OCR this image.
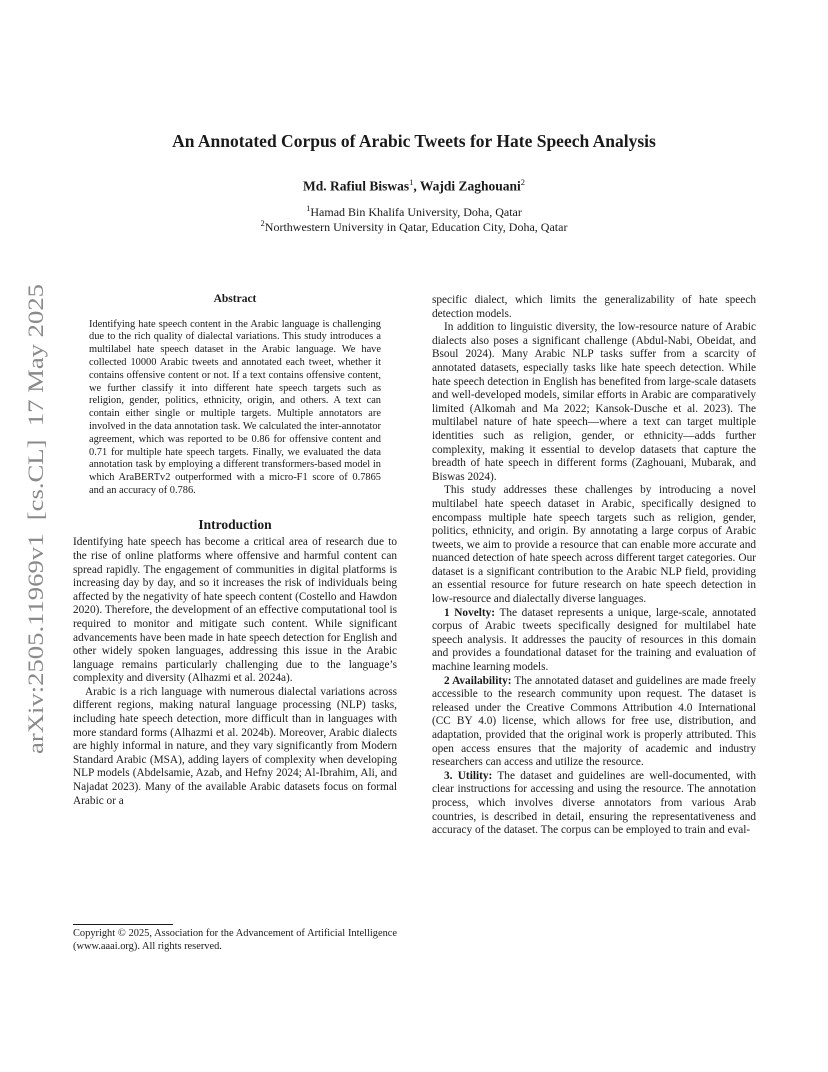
arXiv:2505.11969v1  [cs.CL]  17 May 2025
An Annotated Corpus of Arabic Tweets for Hate Speech Analysis
Md. Rafiul Biswas$^1$, Wajdi Zaghouani$^2$
$^1$Hamad Bin Khalifa University, Doha, Qatar
$^2$Northwestern University in Qatar, Education City, Doha, Qatar
Abstract

Identifying hate speech content in the Arabic language is challenging due to the rich quality of dialectal variations. This study introduces a multilabel hate speech dataset in the Arabic language. We have collected 10000 Arabic tweets and annotated each tweet, whether it contains offensive content or not. If a text contains offensive content, we further classify it into different hate speech targets such as religion, gender, politics, ethnicity, origin, and others. A text can contain either single or multiple targets. Multiple annotators are involved in the data annotation task. We calculated the inter-annotator agreement, which was reported to be 0.86 for offensive content and 0.71 for multiple hate speech targets. Finally, we evaluated the data annotation task by employing a different transformers-based model in which AraBERTv2 outperformed with a micro-F1 score of 0.7865 and an accuracy of 0.786.

Introduction

Identifying hate speech has become a critical area of research due to the rise of online platforms where offensive and harmful content can spread rapidly. The engagement of communities in digital platforms is increasing day by day, and so it increases the risk of individuals being affected by the negativity of hate speech content (Costello and Hawdon 2020). Therefore, the development of an effective computational tool is required to monitor and mitigate such content. While significant advancements have been made in hate speech detection for English and other widely spoken languages, addressing this issue in the Arabic language remains particularly challenging due to the language’s complexity and diversity (Alhazmi et al. 2024a).

Arabic is a rich language with numerous dialectal variations across different regions, making natural language processing (NLP) tasks, including hate speech detection, more difficult than in languages with more standard forms (Alhazmi et al. 2024b). Moreover, Arabic dialects are highly informal in nature, and they vary significantly from Modern Standard Arabic (MSA), adding layers of complexity when developing NLP models (Abdelsamie, Azab, and Hefny 2024; Al-Ibrahim, Ali, and Najadat 2023). Many of the available Arabic datasets focus on formal Arabic or a

Copyright © 2025, Association for the Advancement of Artificial Intelligence (www.aaai.org). All rights reserved.

specific dialect, which limits the generalizability of hate speech detection models.

In addition to linguistic diversity, the low-resource nature of Arabic dialects also poses a significant challenge (Abdul-Nabi, Obeidat, and Bsoul 2024). Many Arabic NLP tasks suffer from a scarcity of annotated datasets, especially tasks like hate speech detection. While hate speech detection in English has benefited from large-scale datasets and well-developed models, similar efforts in Arabic are comparatively limited (Alkomah and Ma 2022; Kansok-Dusche et al. 2023). The multilabel nature of hate speech—where a text can target multiple identities such as religion, gender, or ethnicity—adds further complexity, making it essential to develop datasets that capture the breadth of hate speech in different forms (Zaghouani, Mubarak, and Biswas 2024).

This study addresses these challenges by introducing a novel multilabel hate speech dataset in Arabic, specifically designed to encompass multiple hate speech targets such as religion, gender, politics, ethnicity, and origin. By annotating a large corpus of Arabic tweets, we aim to provide a resource that can enable more accurate and nuanced detection of hate speech across different target categories. Our dataset is a significant contribution to the Arabic NLP field, providing an essential resource for future research on hate speech detection in low-resource and dialectally diverse languages.

1 Novelty: The dataset represents a unique, large-scale, annotated corpus of Arabic tweets specifically designed for multilabel hate speech analysis. It addresses the paucity of resources in this domain and provides a foundational dataset for the training and evaluation of machine learning models.

2 Availability: The annotated dataset and guidelines are made freely accessible to the research community upon request. The dataset is released under the Creative Commons Attribution 4.0 International (CC BY 4.0) license, which allows for free use, distribution, and adaptation, provided that the original work is properly attributed. This open access ensures that the majority of academic and industry researchers can access and utilize the resource.

3. Utility: The dataset and guidelines are well-documented, with clear instructions for accessing and using the resource. The annotation process, which involves diverse annotators from various Arab countries, is described in detail, ensuring the representativeness and accuracy of the dataset. The corpus can be employed to train and eval-
